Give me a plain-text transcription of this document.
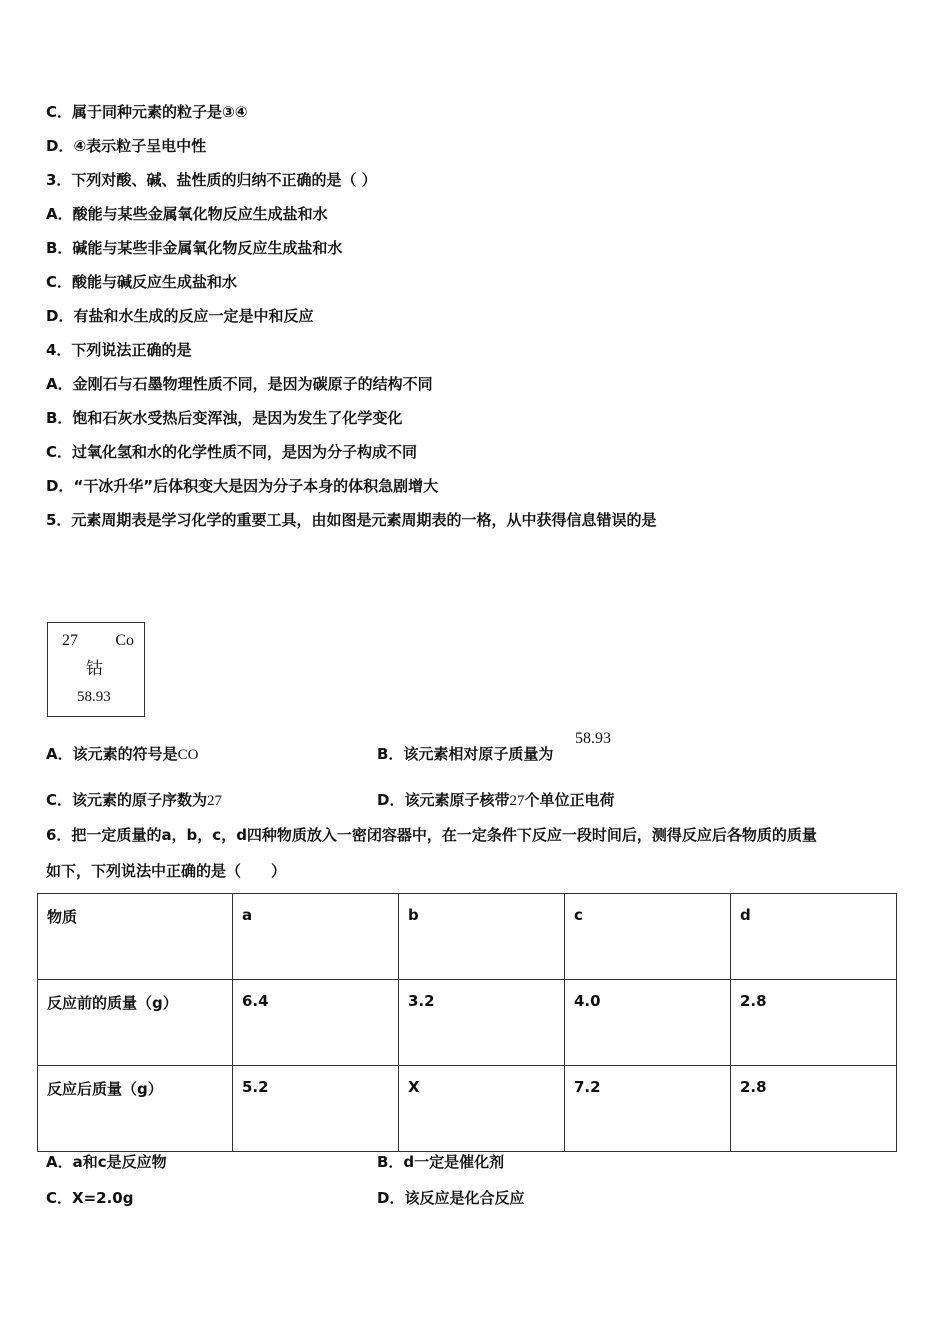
C．属于同种元素的粒子是③④
D．④表示粒子呈电中性
3．下列对酸、碱、盐性质的归纳不正确的是（ ）
A．酸能与某些金属氧化物反应生成盐和水
B．碱能与某些非金属氧化物反应生成盐和水
C．酸能与碱反应生成盐和水
D．有盐和水生成的反应一定是中和反应
4．下列说法正确的是
A．金刚石与石墨物理性质不同，是因为碳原子的结构不同
B．饱和石灰水受热后变浑浊，是因为发生了化学变化
C．过氧化氢和水的化学性质不同，是因为分子构成不同
D．“干冰升华”后体积变大是因为分子本身的体积急剧增大
5．元素周期表是学习化学的重要工具，由如图是元素周期表的一格，从中获得信息错误的是
27 Co
钴
58.93
A．该元素的符号是CO	B．该元素相对原子质量为
58.93
C．该元素的原子序数为27	D．该元素原子核带27个单位正电荷
6．把一定质量的a，b，c，d四种物质放入一密闭容器中，在一定条件下反应一段时间后，测得反应后各物质的质量
如下，下列说法中正确的是（　　）
物质	a	b	c	d
反应前的质量（g）	6.4	3.2	4.0	2.8
反应后质量（g）	5.2	X	7.2	2.8
A．a和c是反应物	B．d一定是催化剂
C．X=2.0g	D．该反应是化合反应
